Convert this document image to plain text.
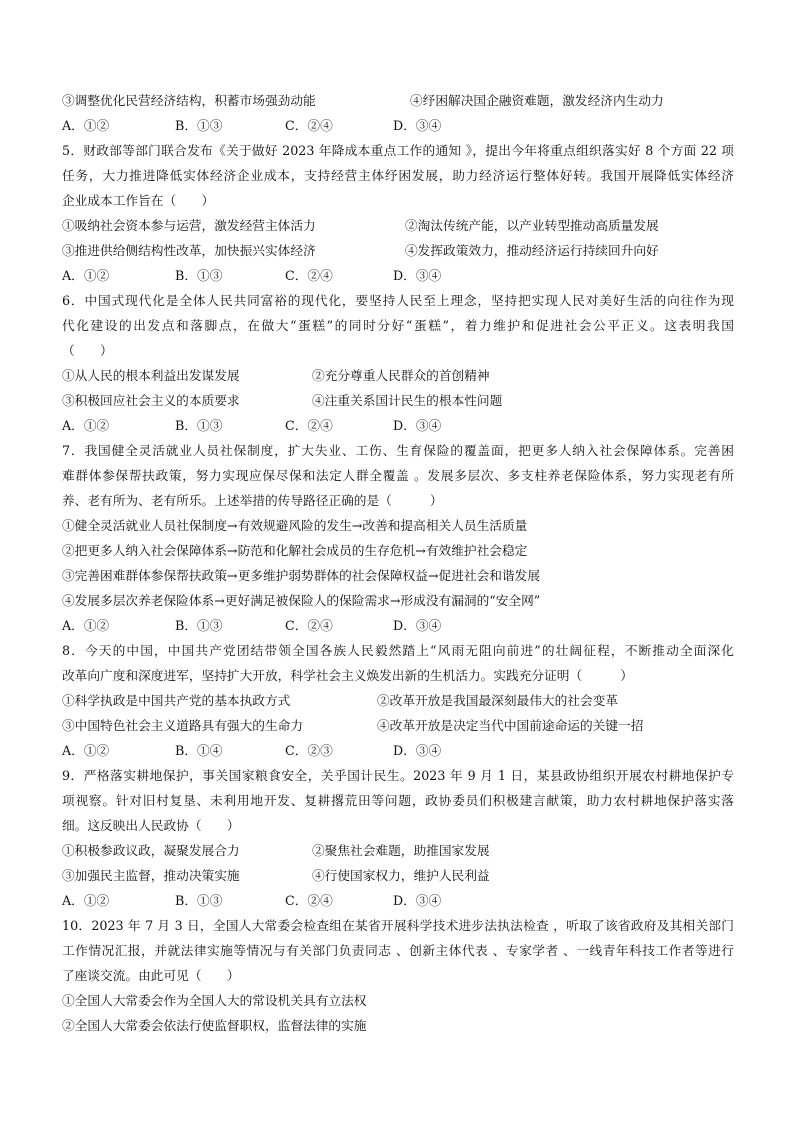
③调整优化民营经济结构，积蓄市场强劲动能	④纾困解决国企融资难题，激发经济内生动力
A．①②	B．①③	C．②④	D．③④
5．财政部等部门联合发布《关于做好 2023 年降成本重点工作的通知 》，提出今年将重点组织落实好 8 个方面 22 项
任务，大力推进降低实体经济企业成本，支持经营主体纾困发展，助力经济运行整体好转。我国开展降低实体经济
企业成本工作旨在（　　）
①吸纳社会资本参与运营，激发经营主体活力	②淘汰传统产能，以产业转型推动高质量发展
③推进供给侧结构性改革，加快振兴实体经济	④发挥政策效力，推动经济运行持续回升向好
A．①②	B．①③	C．②④	D．③④
6．中国式现代化是全体人民共同富裕的现代化，要坚持人民至上理念，坚持把实现人民对美好生活的向往作为现
代化建设的出发点和落脚点，在做大“蛋糕”的同时分好“蛋糕”，着力维护和促进社会公平正义。这表明我国
（　　）
①从人民的根本利益出发谋发展	②充分尊重人民群众的首创精神
③积极回应社会主义的本质要求	④注重关系国计民生的根本性问题
A．①②	B．①③	C．②④	D．③④
7．我国健全灵活就业人员社保制度，扩大失业、工伤、生育保险的覆盖面，把更多人纳入社会保障体系。完善困
难群体参保帮扶政策，努力实现应保尽保和法定人群全覆盖 。发展多层次、多支柱养老保险体系，努力实现老有所
养、老有所为、老有所乐。上述举措的传导路径正确的是（　　　）
①健全灵活就业人员社保制度→有效规避风险的发生→改善和提高相关人员生活质量
②把更多人纳入社会保障体系→防范和化解社会成员的生存危机→有效维护社会稳定
③完善困难群体参保帮扶政策→更多维护弱势群体的社会保障权益→促进社会和谐发展
④发展多层次养老保险体系→更好满足被保险人的保险需求→形成没有漏洞的“安全网”
A．①②	B．①③	C．②④	D．③④
8．今天的中国，中国共产党团结带领全国各族人民毅然踏上“风雨无阻向前进”的壮阔征程，不断推动全面深化
改革向广度和深度进军，坚持扩大开放，科学社会主义焕发出新的生机活力。实践充分证明（　　　）
①科学执政是中国共产党的基本执政方式	②改革开放是我国最深刻最伟大的社会变革
③中国特色社会主义道路具有强大的生命力	④改革开放是决定当代中国前途命运的关键一招
A．①②	B．①④	C．②③	D．③④
9．严格落实耕地保护，事关国家粮食安全，关乎国计民生。2023 年 9 月 1 日，某县政协组织开展农村耕地保护专
项视察。针对旧村复垦、未利用地开发、复耕撂荒田等问题，政协委员们积极建言献策，助力农村耕地保护落实落
细。这反映出人民政协（　　）
①积极参政议政，凝聚发展合力	②聚焦社会难题，助推国家发展
③加强民主监督，推动决策实施	④行使国家权力，维护人民利益
A．①②	B．①③	C．②④	D．③④
10．2023 年 7 月 3 日，全国人大常委会检查组在某省开展科学技术进步法执法检查 ，听取了该省政府及其相关部门
工作情况汇报，并就法律实施等情况与有关部门负责同志 、创新主体代表 、专家学者 、一线青年科技工作者等进行
了座谈交流。由此可见（　　）
①全国人大常委会作为全国人大的常设机关具有立法权
②全国人大常委会依法行使监督职权，监督法律的实施
